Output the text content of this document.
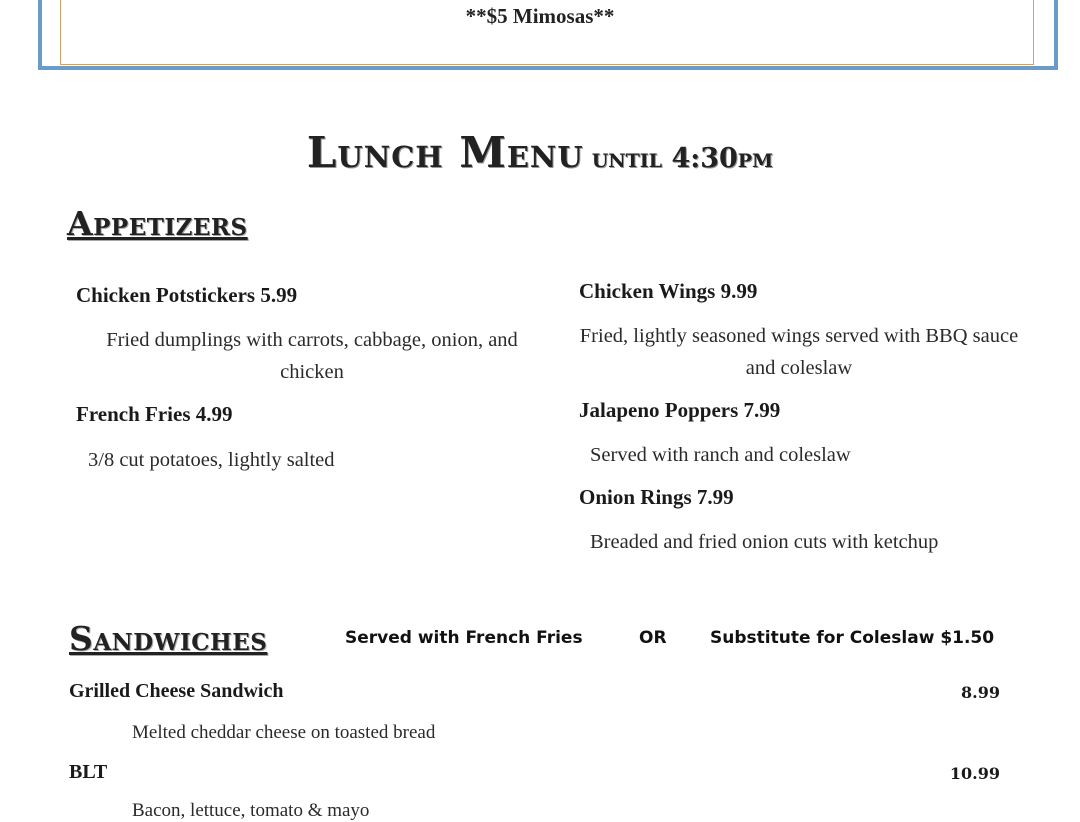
**$5 Mimosas**
Lunch Menu until 4:30pm
Appetizers
Chicken Potstickers 5.99
Fried dumplings with carrots, cabbage, onion, and chicken
French Fries 4.99
3/8 cut potatoes, lightly salted
Chicken Wings 9.99
Fried, lightly seasoned wings served with BBQ sauce and coleslaw
Jalapeno Poppers 7.99
Served with ranch and coleslaw
Onion Rings 7.99
Breaded and fried onion cuts with ketchup
Sandwiches	Served with French Fries	OR	Substitute for Coleslaw $1.50
Grilled Cheese Sandwich	8.99
Melted cheddar cheese on toasted bread
BLT	10.99
Bacon, lettuce, tomato & mayo
